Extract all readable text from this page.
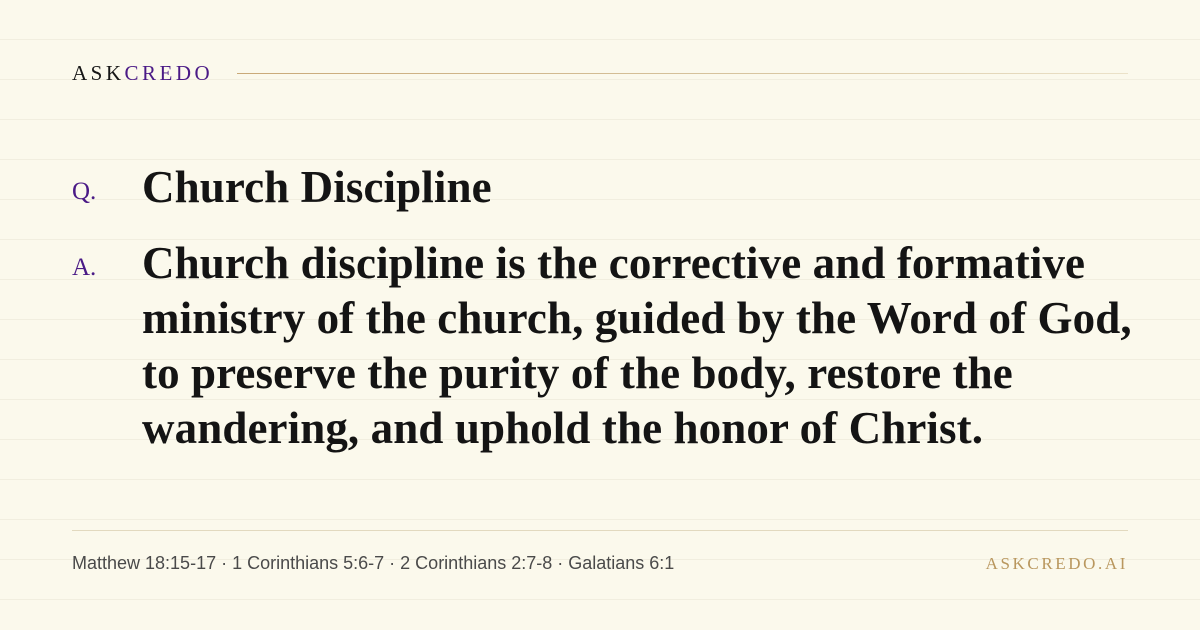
ASKCREDO
Q.	Church Discipline
A.	Church discipline is the corrective and formative ministry of the church, guided by the Word of God, to preserve the purity of the body, restore the wandering, and uphold the honor of Christ.
Matthew 18:15-17 · 1 Corinthians 5:6-7 · 2 Corinthians 2:7-8 · Galatians 6:1	ASKCREDO.AI
